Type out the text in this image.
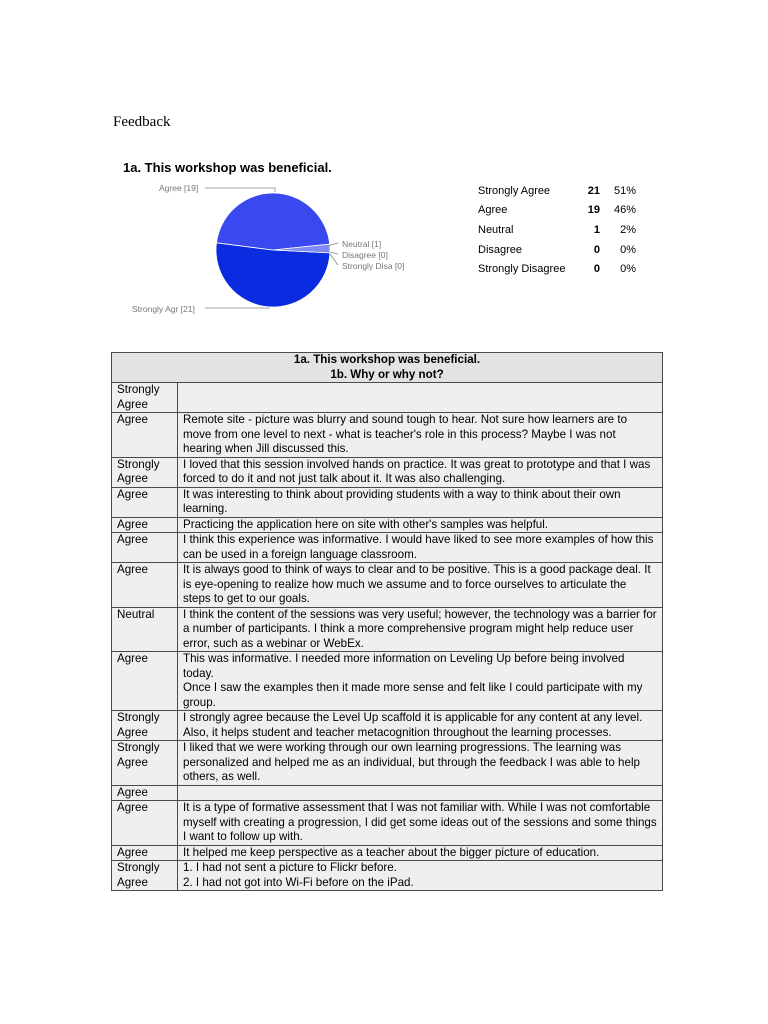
Feedback
1a. This workshop was beneficial.
Agree [19]
Strongly Agr [21]
Neutral [1]
Disagree [0]
Strongly Disa [0]
Strongly Agree	21	51%
Agree	19	46%
Neutral	1	2%
Disagree	0	0%
Strongly Disagree	0	0%
1a. This workshop was beneficial.
1b. Why or why not?	

Strongly Agree	
Agree	Remote site - picture was blurry and sound tough to hear. Not sure how learners are to move from one level to next - what is teacher's role in this process? Maybe I was not hearing when Jill discussed this.
Strongly Agree	I loved that this session involved hands on practice. It was great to prototype and that I was forced to do it and not just talk about it. It was also challenging.
Agree	It was interesting to think about providing students with a way to think about their own learning.
Agree	Practicing the application here on site with other's samples was helpful.
Agree	I think this experience was informative. I would have liked to see more examples of how this can be used in a foreign language classroom.
Agree	It is always good to think of ways to clear and to be positive. This is a good package deal. It is eye-opening to realize how much we assume and to force ourselves to articulate the steps to get to our goals.
Neutral	I think the content of the sessions was very useful; however, the technology was a barrier for a number of participants. I think a more comprehensive program might help reduce user error, such as a webinar or WebEx.
Agree	This was informative. I needed more information on Leveling Up before being involved today.
Once I saw the examples then it made more sense and felt like I could participate with my group.
Strongly Agree	I strongly agree because the Level Up scaffold it is applicable for any content at any level. Also, it helps student and teacher metacognition throughout the learning processes.
Strongly Agree	I liked that we were working through our own learning progressions. The learning was personalized and helped me as an individual, but through the feedback I was able to help others, as well.
Agree	
Agree	It is a type of formative assessment that I was not familiar with. While I was not comfortable myself with creating a progression, I did get some ideas out of the sessions and some things I want to follow up with.
Agree	It helped me keep perspective as a teacher about the bigger picture of education.
Strongly Agree	1. I had not sent a picture to Flickr before.
2. I had not got into Wi-Fi before on the iPad.
